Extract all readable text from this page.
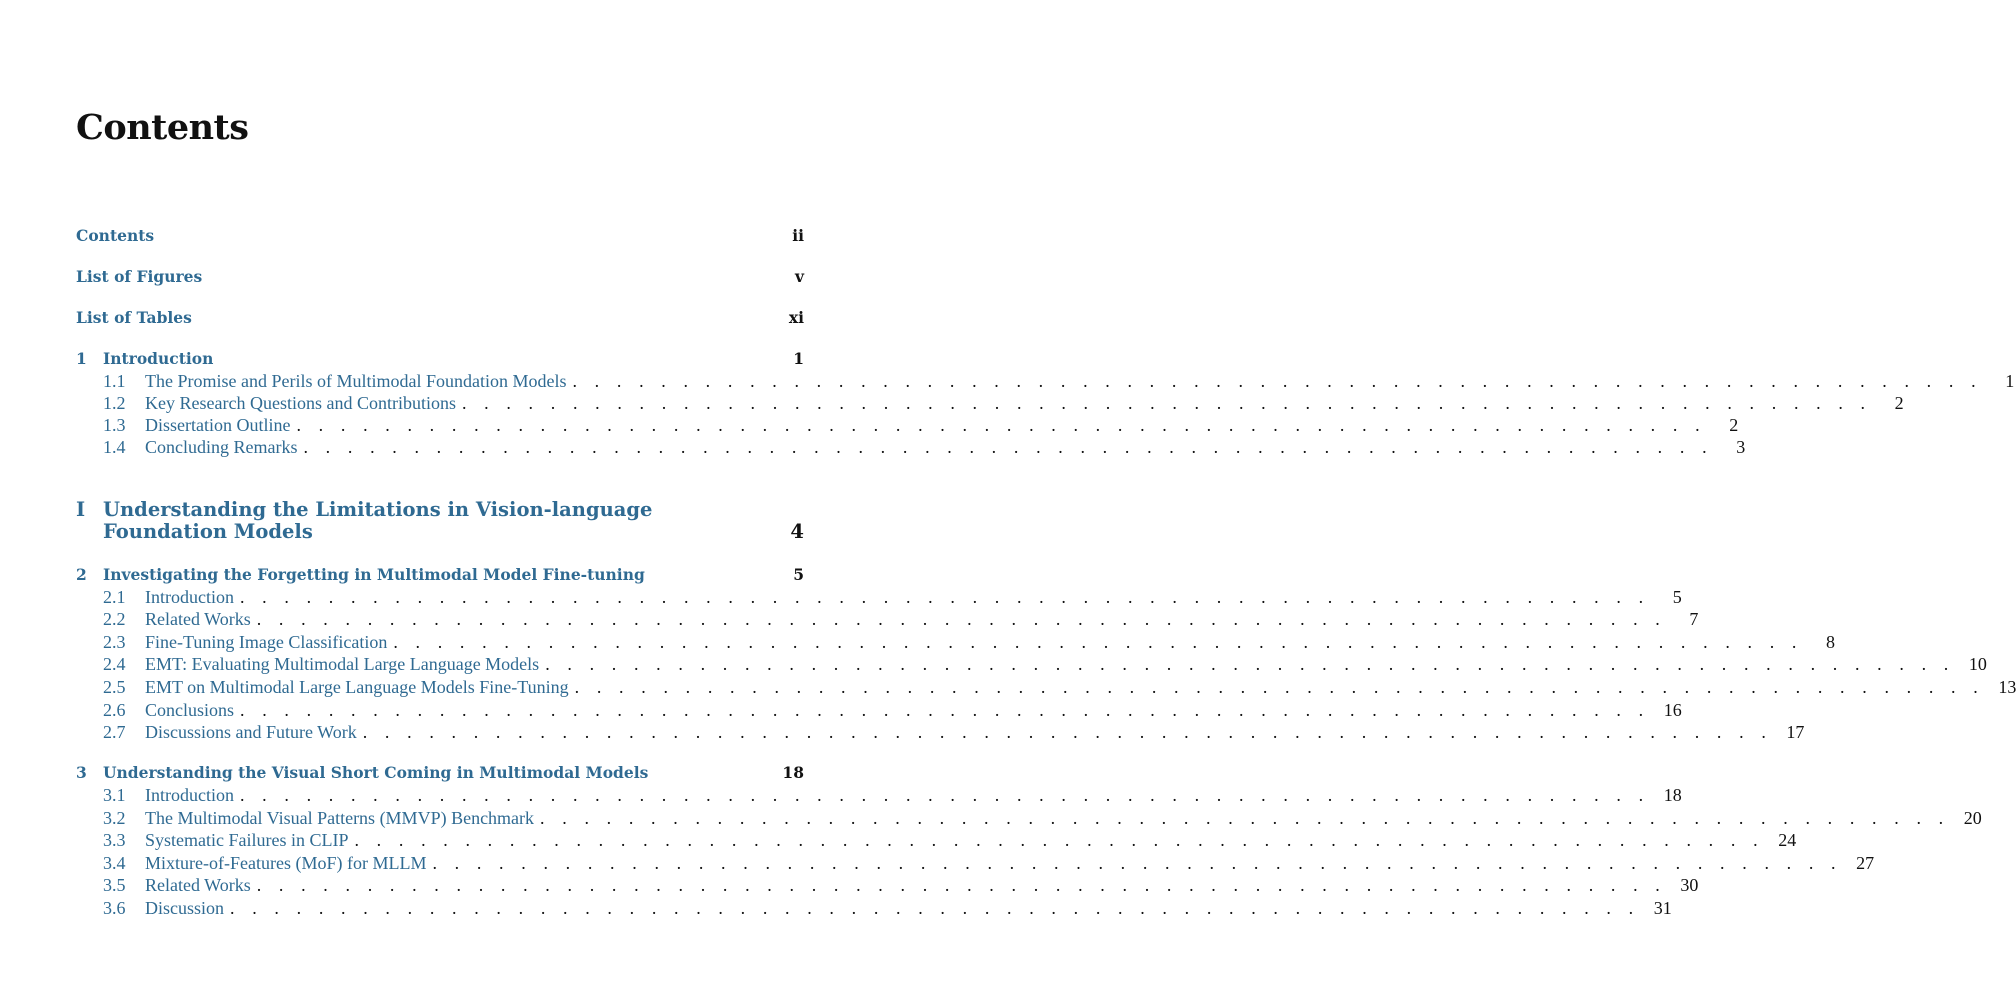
Contents
Contents	ii
List of Figures	v
List of Tables	xi
1	Introduction	1
1.1	The Promise and Perils of Multimodal Foundation Models . . . . . . . . . . . . . . . . . . . . . . . . . . . . . . . . . . . . . . . . . . . . . . . . . . . . . . . . . . . . . . . .	1
1.2	Key Research Questions and Contributions . . . . . . . . . . . . . . . . . . . . . . . . . . . . . . . . . . . . . . . . . . . . . . . . . . . . . . . . . . . . . . . .	2
1.3	Dissertation Outline . . . . . . . . . . . . . . . . . . . . . . . . . . . . . . . . . . . . . . . . . . . . . . . . . . . . . . . . . . . . . . . .	2
1.4	Concluding Remarks . . . . . . . . . . . . . . . . . . . . . . . . . . . . . . . . . . . . . . . . . . . . . . . . . . . . . . . . . . . . . . . .	3
I Understanding the Limitations in Vision-language Foundation Models	4
2	Investigating the Forgetting in Multimodal Model Fine-tuning	5
2.1	Introduction . . . . . . . . . . . . . . . . . . . . . . . . . . . . . . . . . . . . . . . . . . . . . . . . . . . . . . . . . . . . . . . .	5
2.2	Related Works . . . . . . . . . . . . . . . . . . . . . . . . . . . . . . . . . . . . . . . . . . . . . . . . . . . . . . . . . . . . . . . .	7
2.3	Fine-Tuning Image Classification . . . . . . . . . . . . . . . . . . . . . . . . . . . . . . . . . . . . . . . . . . . . . . . . . . . . . . . . . . . . . . . .	8
2.4	EMT: Evaluating Multimodal Large Language Models . . . . . . . . . . . . . . . . . . . . . . . . . . . . . . . . . . . . . . . . . . . . . . . . . . . . . . . . . . . . . . . . 10
2.5	EMT on Multimodal Large Language Models Fine-Tuning . . . . . . . . . . . . . . . . . . . . . . . . . . . . . . . . . . . . . . . . . . . . . . . . . . . . . . . . . . . . . . . . 13
2.6	Conclusions . . . . . . . . . . . . . . . . . . . . . . . . . . . . . . . . . . . . . . . . . . . . . . . . . . . . . . . . . . . . . . . . 16
2.7	Discussions and Future Work . . . . . . . . . . . . . . . . . . . . . . . . . . . . . . . . . . . . . . . . . . . . . . . . . . . . . . . . . . . . . . . . 17
3	Understanding the Visual Short Coming in Multimodal Models	18
3.1	Introduction . . . . . . . . . . . . . . . . . . . . . . . . . . . . . . . . . . . . . . . . . . . . . . . . . . . . . . . . . . . . . . . . 18
3.2	The Multimodal Visual Patterns (MMVP) Benchmark . . . . . . . . . . . . . . . . . . . . . . . . . . . . . . . . . . . . . . . . . . . . . . . . . . . . . . . . . . . . . . . . 20
3.3	Systematic Failures in CLIP . . . . . . . . . . . . . . . . . . . . . . . . . . . . . . . . . . . . . . . . . . . . . . . . . . . . . . . . . . . . . . . . 24
3.4	Mixture-of-Features (MoF) for MLLM . . . . . . . . . . . . . . . . . . . . . . . . . . . . . . . . . . . . . . . . . . . . . . . . . . . . . . . . . . . . . . . . 27
3.5	Related Works . . . . . . . . . . . . . . . . . . . . . . . . . . . . . . . . . . . . . . . . . . . . . . . . . . . . . . . . . . . . . . . . 30
3.6	Discussion . . . . . . . . . . . . . . . . . . . . . . . . . . . . . . . . . . . . . . . . . . . . . . . . . . . . . . . . . . . . . . . . 31
